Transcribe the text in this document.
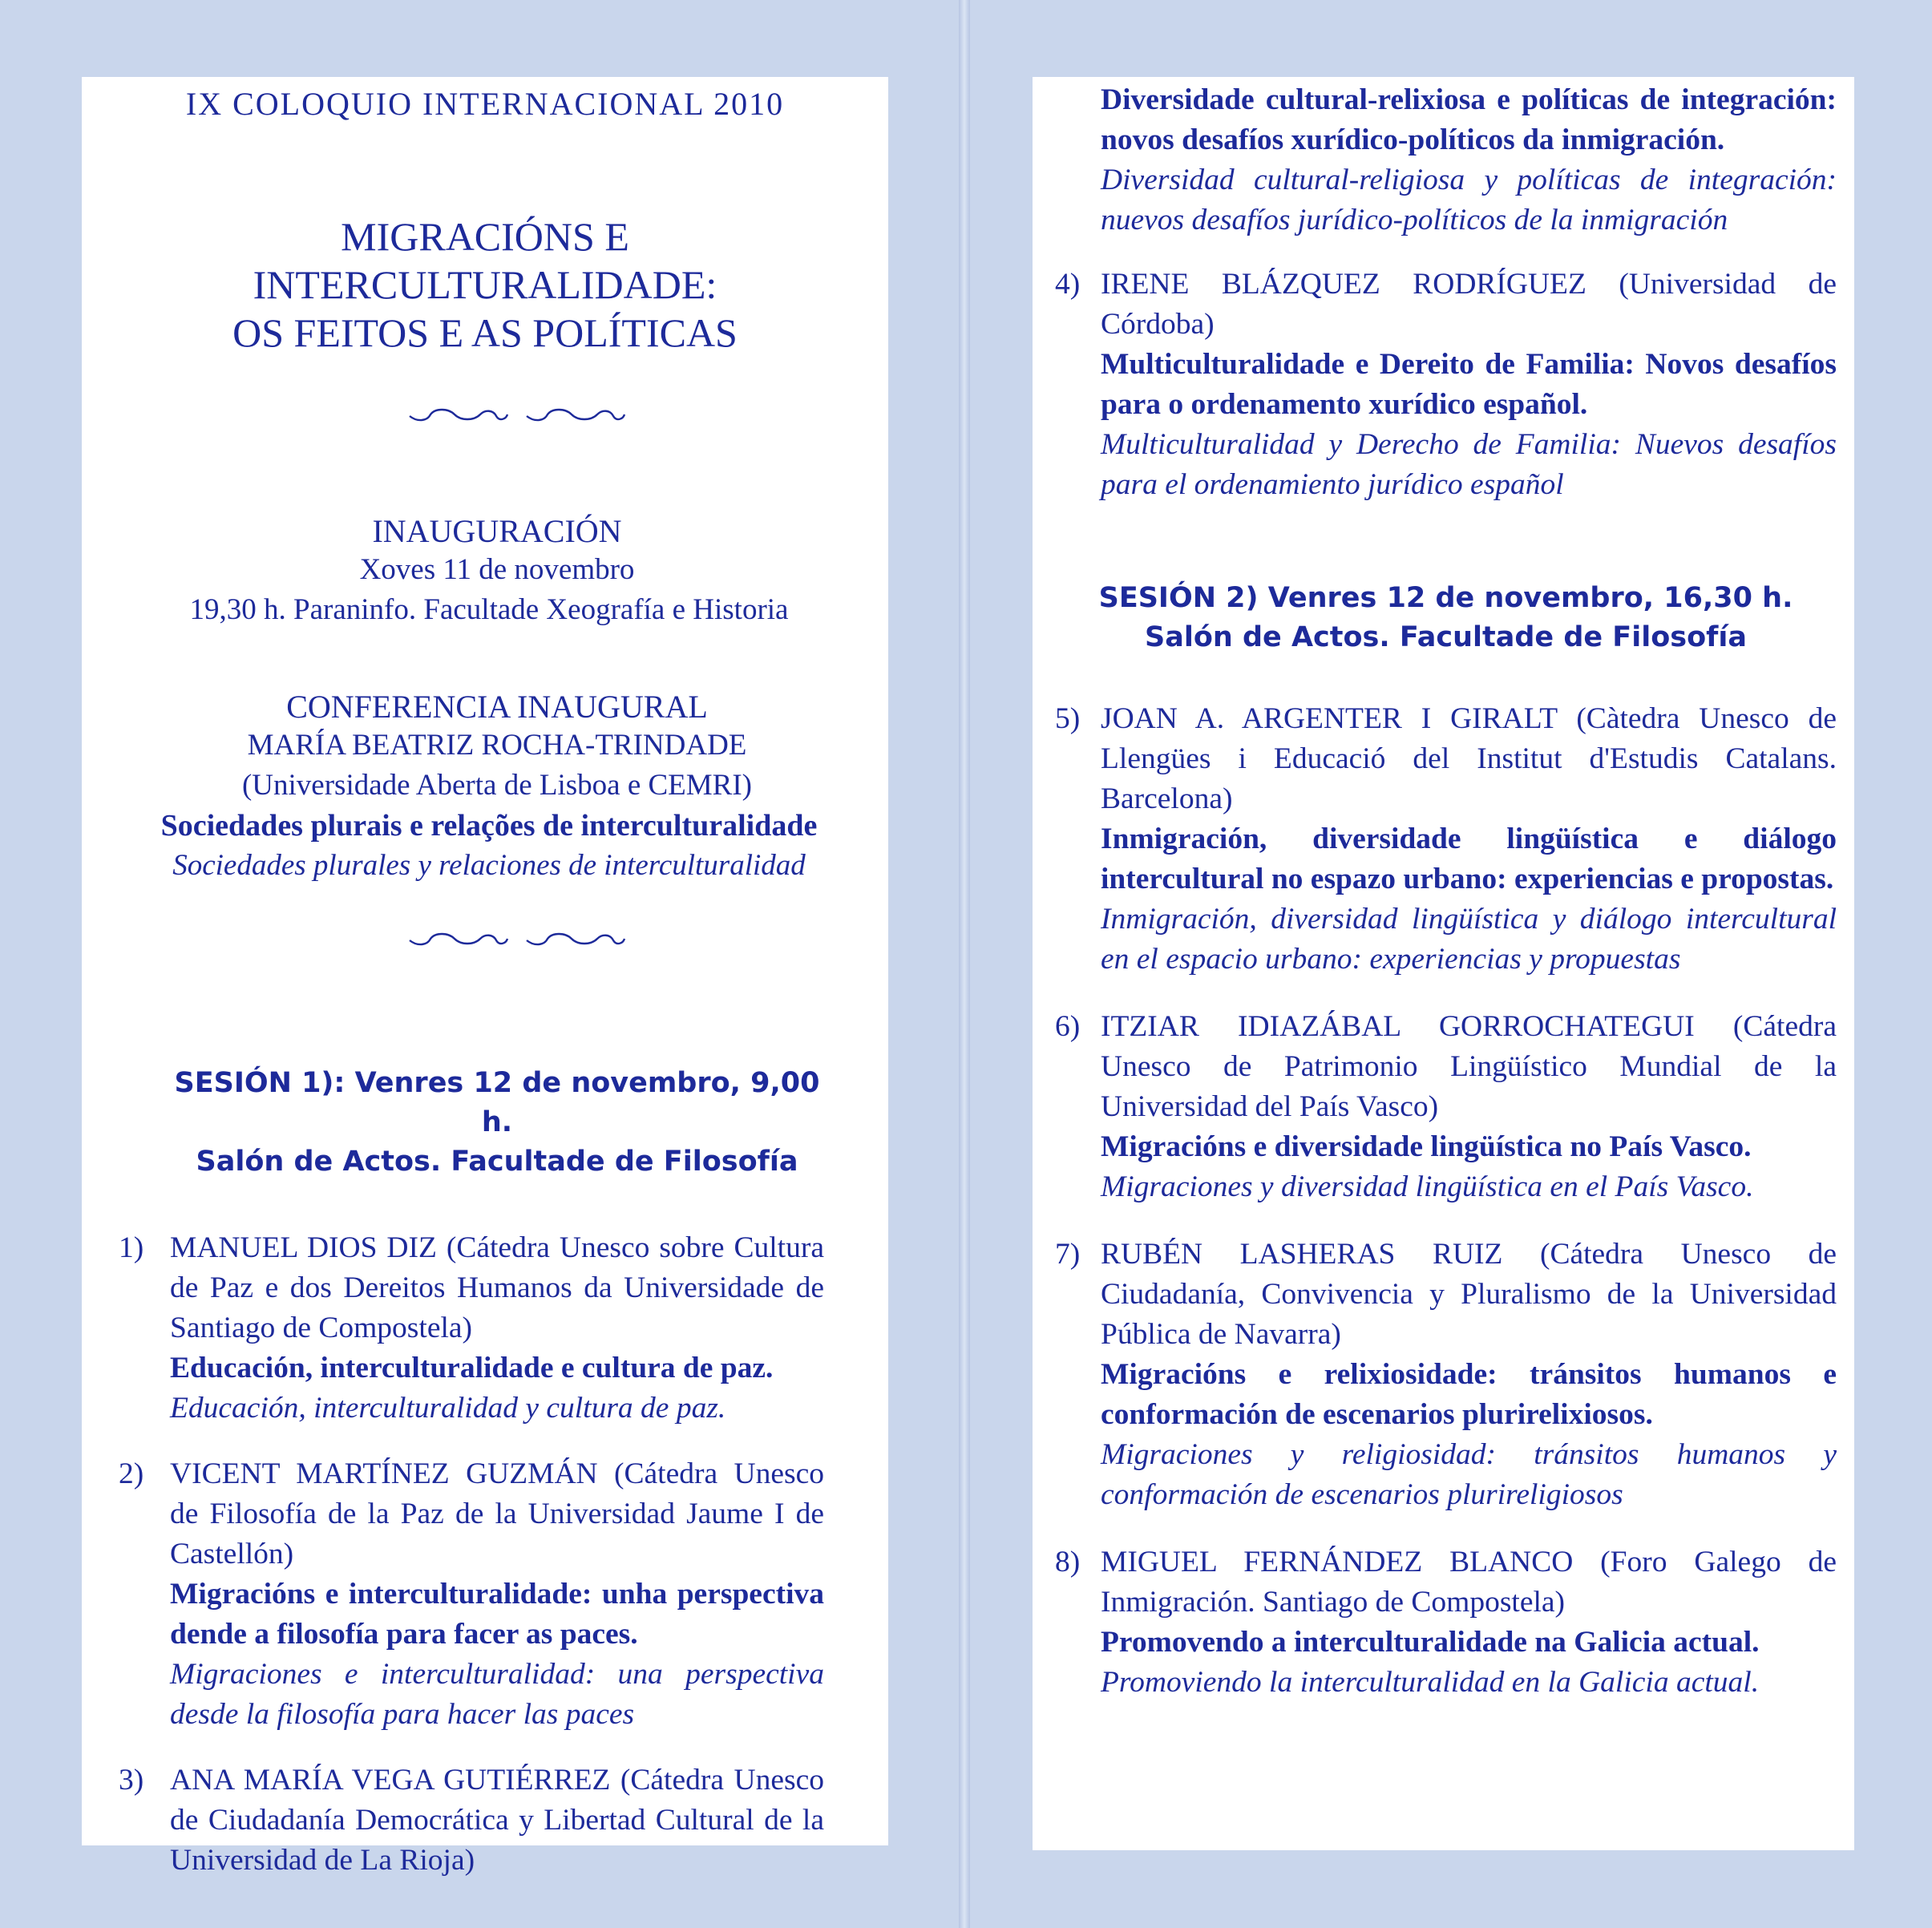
IX COLOQUIO INTERNACIONAL 2010
MIGRACIÓNS E INTERCULTURALIDADE:
OS FEITOS E AS POLÍTICAS
INAUGURACIÓN
Xoves 11 de novembro
19,30 h. Paraninfo. Facultade Xeografía e Historia
CONFERENCIA INAUGURAL
MARÍA BEATRIZ ROCHA-TRINDADE
(Universidade Aberta de Lisboa e CEMRI)
Sociedades plurais e relações de interculturalidade
Sociedades plurales y relaciones de interculturalidad
SESIÓN 1): Venres 12 de novembro, 9,00 h.
Salón de Actos. Facultade de Filosofía
1) MANUEL DIOS DIZ (Cátedra Unesco sobre Cultura de Paz e dos Dereitos Humanos da Universidade de Santiago de Compostela)
Educación, interculturalidade e cultura de paz.
Educación, interculturalidad y cultura de paz.
2) VICENT MARTÍNEZ GUZMÁN (Cátedra Unesco de Filosofía de la Paz de la Universidad Jaume I de Castellón)
Migracións e interculturalidade: unha perspectiva dende a filosofía para facer as paces.
Migraciones e interculturalidad: una perspectiva desde la filosofía para hacer las paces
3) ANA MARÍA VEGA GUTIÉRREZ (Cátedra Unesco de Ciudadanía Democrática y Libertad Cultural de la Universidad de La Rioja)
Diversidade cultural-relixiosa e políticas de integración: novos desafíos xurídico-políticos da inmigración.
Diversidad cultural-religiosa y políticas de integración: nuevos desafíos jurídico-políticos de la inmigración
4) IRENE BLÁZQUEZ RODRÍGUEZ (Universidad de Córdoba)
Multiculturalidade e Dereito de Familia: Novos desafíos para o ordenamento xurídico español.
Multiculturalidad y Derecho de Familia: Nuevos desafíos para el ordenamiento jurídico español
SESIÓN 2) Venres 12 de novembro, 16,30 h.
Salón de Actos. Facultade de Filosofía
5) JOAN A. ARGENTER I GIRALT (Càtedra Unesco de Llengües i Educació del Institut d'Estudis Catalans. Barcelona)
Inmigración, diversidade lingüística e diálogo intercultural no espazo urbano: experiencias e propostas.
Inmigración, diversidad lingüística y diálogo intercultural en el espacio urbano: experiencias y propuestas
6) ITZIAR IDIAZÁBAL GORROCHATEGUI (Cátedra Unesco de Patrimonio Lingüístico Mundial de la Universidad del País Vasco)
Migracións e diversidade lingüística no País Vasco.
Migraciones y diversidad lingüística en el País Vasco.
7) RUBÉN LASHERAS RUIZ (Cátedra Unesco de Ciudadanía, Convivencia y Pluralismo de la Universidad Pública de Navarra)
Migracións e relixiosidade: tránsitos humanos e conformación de escenarios plurirelixiosos.
Migraciones y religiosidad: tránsitos humanos y conformación de escenarios plurireligiosos
8) MIGUEL FERNÁNDEZ BLANCO (Foro Galego de Inmigración. Santiago de Compostela)
Promovendo a interculturalidade na Galicia actual.
Promoviendo la interculturalidad en la Galicia actual.
